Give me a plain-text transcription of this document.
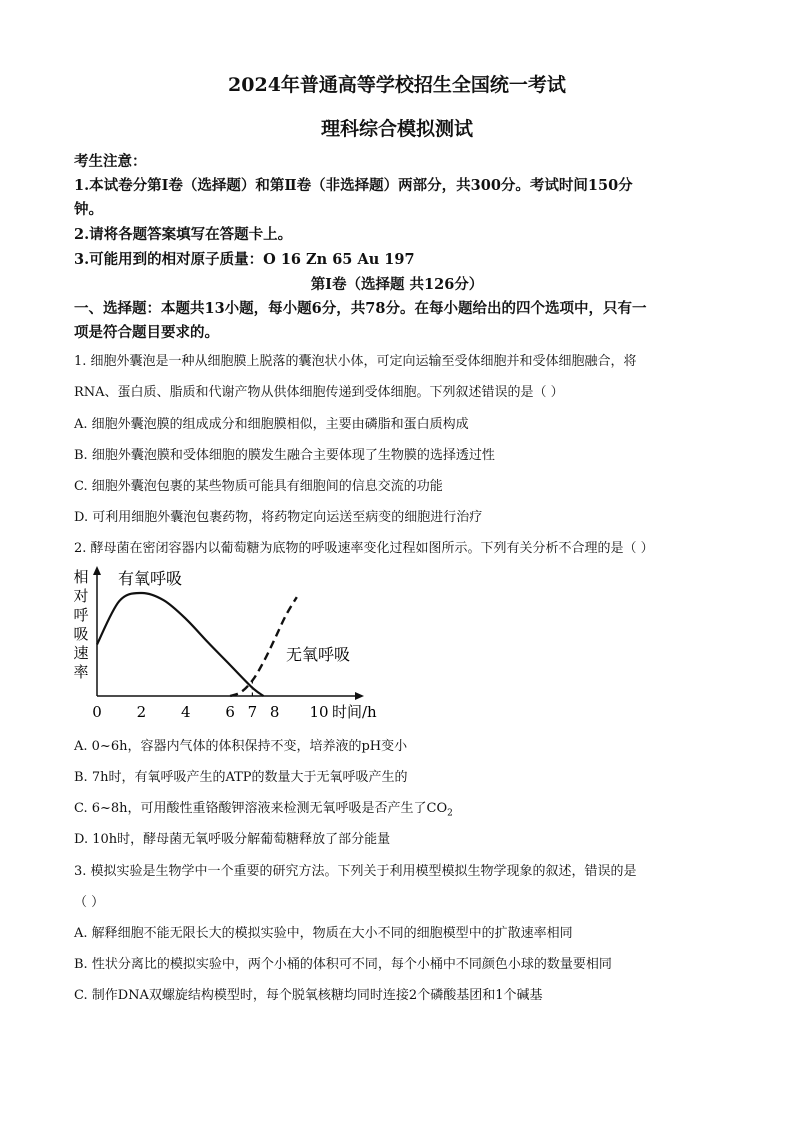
2024年普通高等学校招生全国统一考试
理科综合模拟测试
考生注意：
1.本试卷分第Ⅰ卷（选择题）和第Ⅱ卷（非选择题）两部分，共300分。考试时间150分
钟。
2.请将各题答案填写在答题卡上。
3.可能用到的相对原子质量：O 16 Zn 65 Au 197
第Ⅰ卷（选择题 共126分）
一、选择题：本题共13小题，每小题6分，共78分。在每小题给出的四个选项中，只有一
项是符合题目要求的。
1. 细胞外囊泡是一种从细胞膜上脱落的囊泡状小体，可定向运输至受体细胞并和受体细胞融合，将
RNA、蛋白质、脂质和代谢产物从供体细胞传递到受体细胞。下列叙述错误的是（ ）
A. 细胞外囊泡膜的组成成分和细胞膜相似，主要由磷脂和蛋白质构成
B. 细胞外囊泡膜和受体细胞的膜发生融合主要体现了生物膜的选择透过性
C. 细胞外囊泡包裹的某些物质可能具有细胞间的信息交流的功能
D. 可利用细胞外囊泡包裹药物，将药物定向运送至病变的细胞进行治疗
2. 酵母菌在密闭容器内以葡萄糖为底物的呼吸速率变化过程如图所示。下列有关分析不合理的是（ ）
相
对
呼
吸
速
率
0 2 4 6 7 8 10
有氧呼吸
无氧呼吸
时间/h
A. 0~6h，容器内气体的体积保持不变，培养液的pH变小
B. 7h时，有氧呼吸产生的ATP的数量大于无氧呼吸产生的
C. 6~8h，可用酸性重铬酸钾溶液来检测无氧呼吸是否产生了$CO_2$
D. 10h时，酵母菌无氧呼吸分解葡萄糖释放了部分能量
3. 模拟实验是生物学中一个重要的研究方法。下列关于利用模型模拟生物学现象的叙述，错误的是
（ ）
A. 解释细胞不能无限长大的模拟实验中，物质在大小不同的细胞模型中的扩散速率相同
B. 性状分离比的模拟实验中，两个小桶的体积可不同，每个小桶中不同颜色小球的数量要相同
C. 制作DNA双螺旋结构模型时，每个脱氧核糖均同时连接2个磷酸基团和1个碱基
